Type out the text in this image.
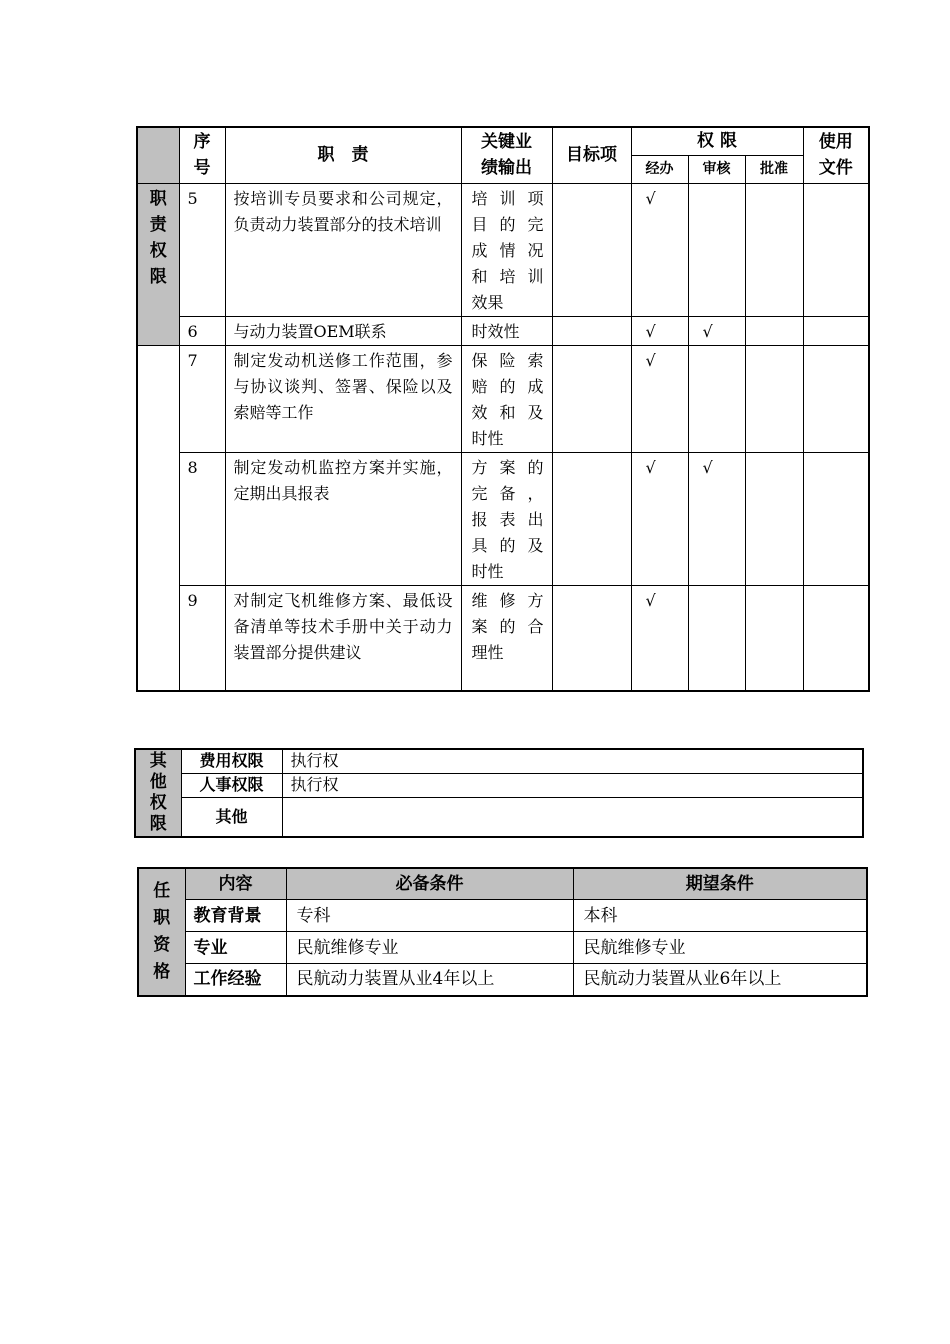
	序
号	职　责	关键业
绩输出	目标项	权 限			使用
文件

					经办	审核	批准	

职
责
权
限	5	按培训专员要求和公司规定，负责动力装置部分的技术培训	培 训 项
目 的 完
成 情 况
和 培 训
效果		√			
	6	与动力装置OEM联系	时效性		√	√		
	7	制定发动机送修工作范围，参与协议谈判、签署、保险以及索赔等工作	保 险 索
赔 的 成
效 和 及
时性		√			
	8	制定发动机监控方案并实施，定期出具报表	方 案 的
完 备 ，
报 表 出
具 的 及
时性		√	√		
	9	对制定飞机维修方案、最低设备清单等技术手册中关于动力装置部分提供建议	维 修 方
案 的 合
理性		√			
其
他
权
限	费用权限	执行权
	人事权限	执行权
	其他	
任
职
资
格	内容	必备条件	期望条件
	教育背景	专科	本科
	专业	民航维修专业	民航维修专业
	工作经验	民航动力装置从业4年以上	民航动力装置从业6年以上
